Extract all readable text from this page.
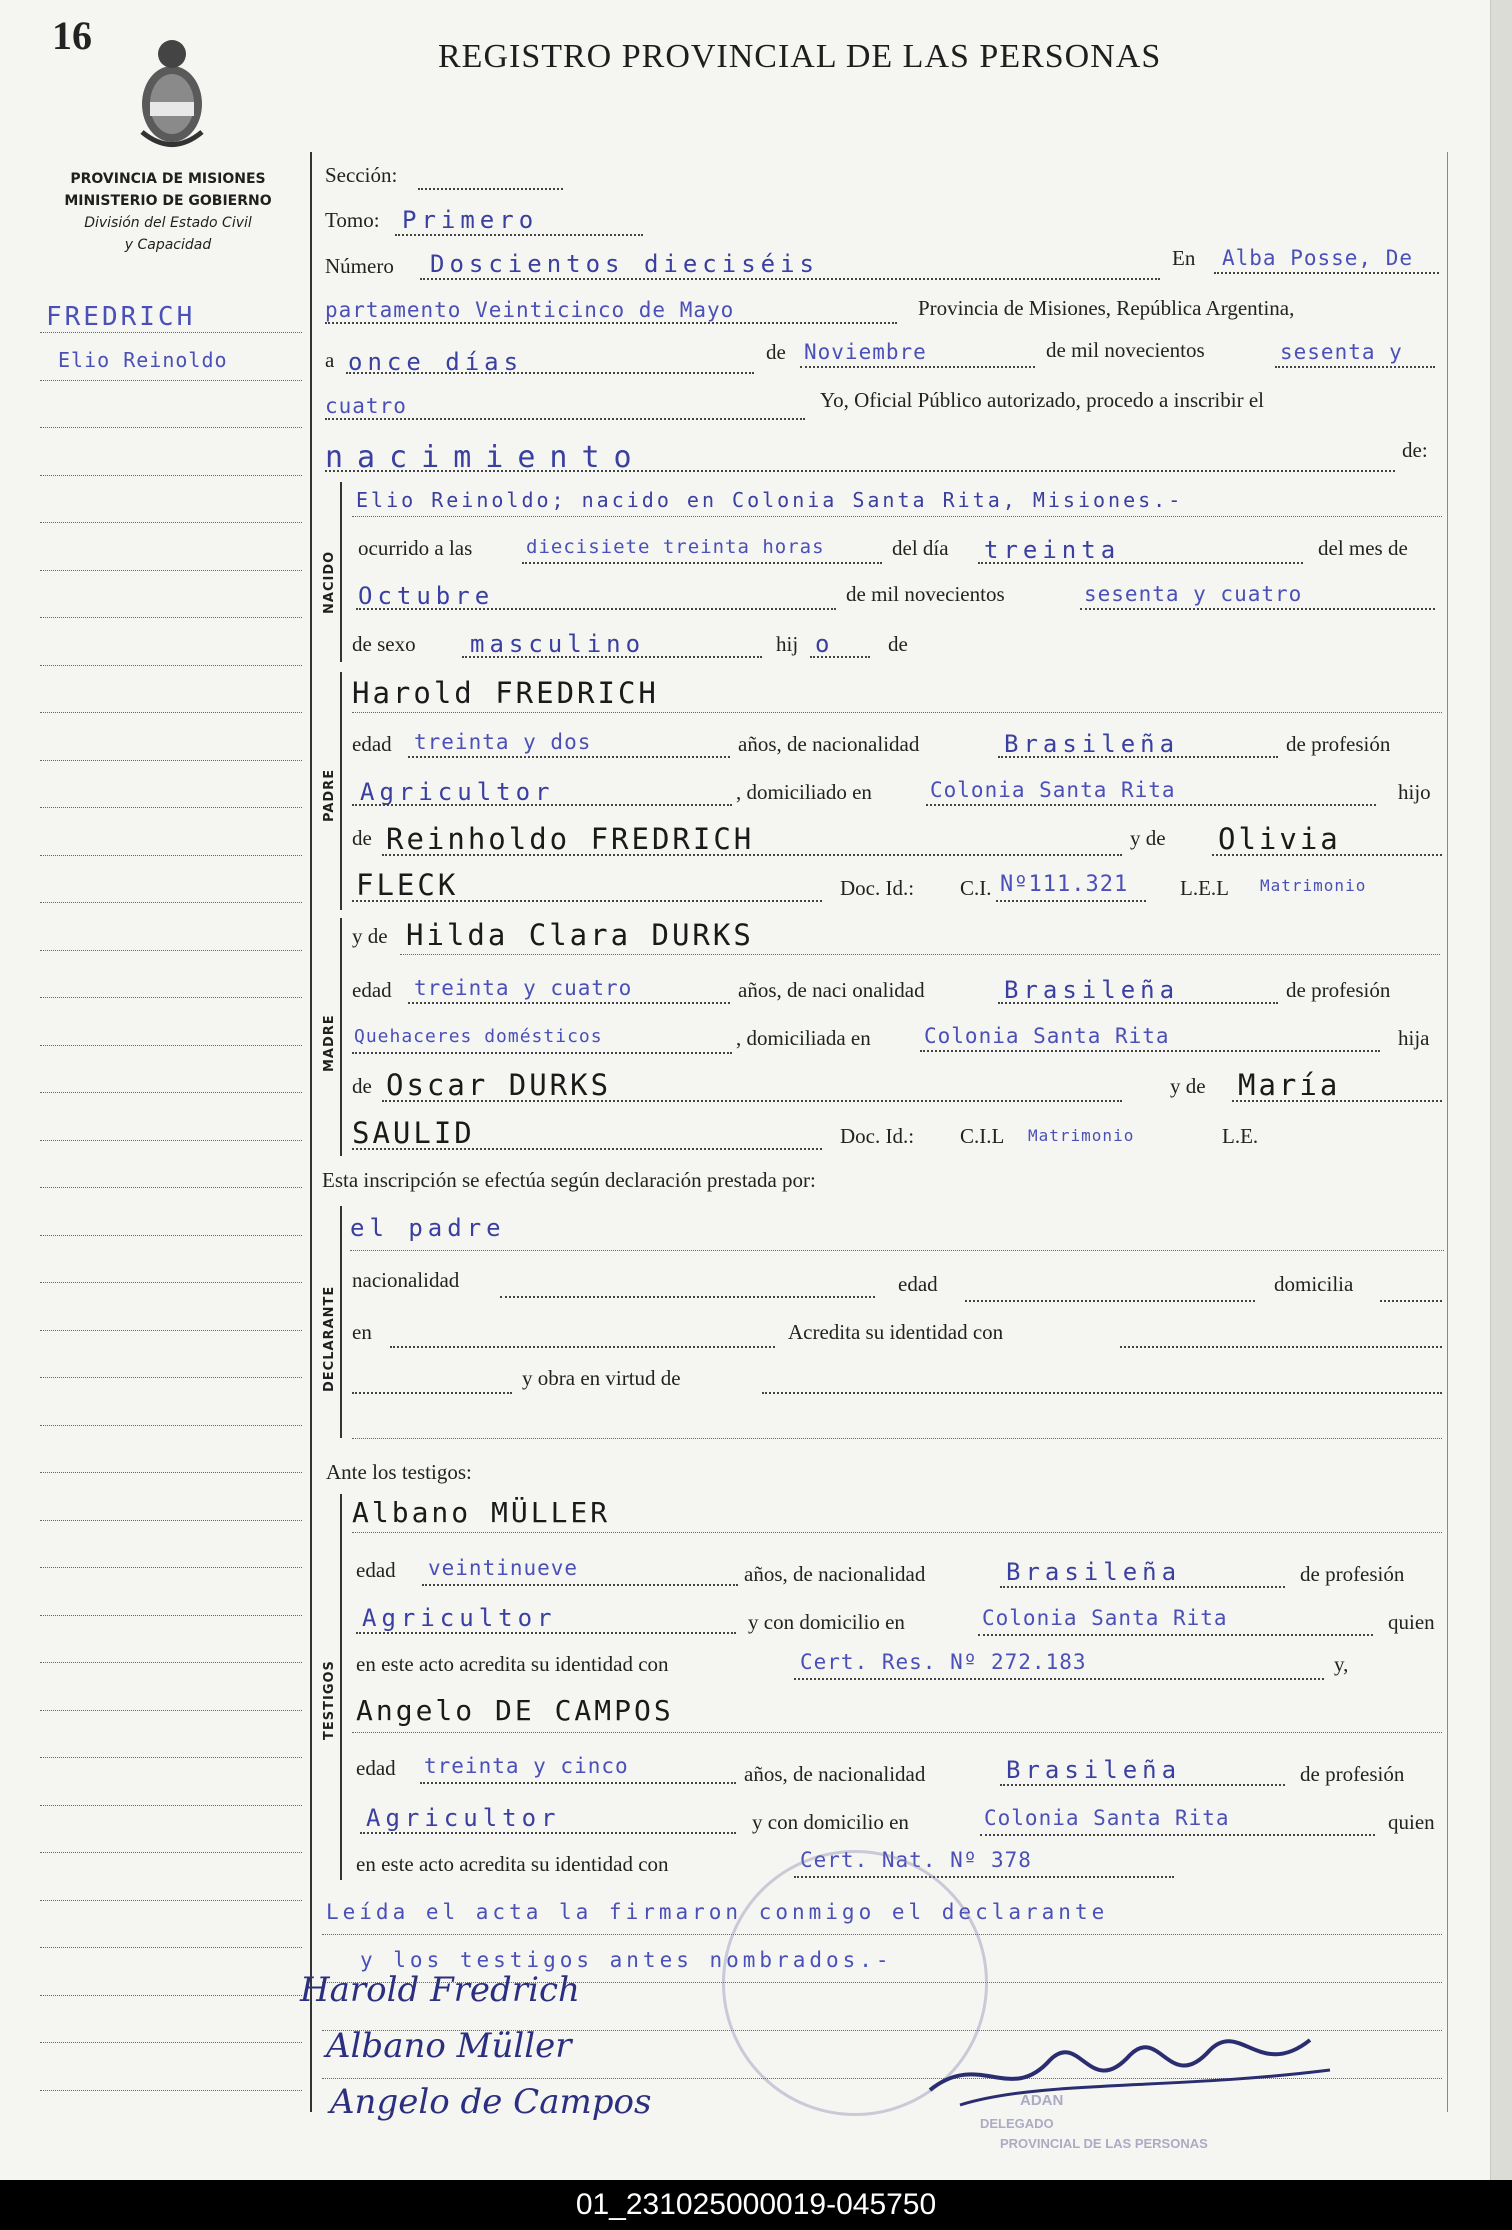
16	REGISTRO PROVINCIAL DE LAS PERSONAS
PROVINCIA DE MISIONES
MINISTERIO DE GOBIERNO
División del Estado Civil
y Capacidad
FREDRICH
Elio Reinoldo
Sección:
Tomo: Primero
Número Doscientos dieciséis	En Alba Posse, De
partamento Veinticinco de Mayo	Provincia de Misiones, República Argentina,
a once días	de Noviembre	de mil novecientos	sesenta y
cuatro	Yo, Oficial Público autorizado, procedo a inscribir el
nacimiento	de:
NACIDO
Elio Reinoldo; nacido en Colonia Santa Rita, Misiones.-
ocurrido a las	diecisiete treinta horas	del día treinta	del mes de
Octubre	de mil novecientos	sesenta y cuatro
de sexo masculino	hij o	de
PADRE
Harold FREDRICH
edad treinta y dos	años, de nacionalidad	Brasileña	de profesión
Agricultor	, domiciliado en	Colonia Santa Rita	hijo
de Reinholdo FREDRICH	y de Olivia
FLECK	Doc. Id.: C.I. Nº111.321 L.E.L Matrimonio
MADRE
y de Hilda Clara DURKS
edad treinta y cuatro	años, de naci onalidad	Brasileña	de profesión
Quehaceres domésticos	, domiciliada en	Colonia Santa Rita	hija
de Oscar DURKS	y de María
SAULID	Doc. Id.: C.I.L Matrimonio	L.E.
Esta inscripción se efectúa según declaración prestada por:
DECLARANTE
el padre
nacionalidad	edad	domicilia
en	Acredita su identidad con
y obra en virtud de
Ante los testigos:
TESTIGOS
Albano MÜLLER
edad veintinueve	años, de nacionalidad	Brasileña	de profesión
Agricultor	y con domicilio en	Colonia Santa Rita	quien
en este acto acredita su identidad con	Cert. Res. Nº 272.183	y,
Angelo DE CAMPOS
edad treinta y cinco	años, de nacionalidad	Brasileña	de profesión
Agricultor	y con domicilio en	Colonia Santa Rita	quien
en este acto acredita su identidad con	Cert. Nat. Nº 378
Leída el acta la firmaron conmigo el declarante
y los testigos antes nombrados.-
ADAN
DELEGADO
PROVINCIAL DE LAS PERSONAS
Harold Fredrich
Albano Müller
Angelo de Campos
01_231025000019-045750
